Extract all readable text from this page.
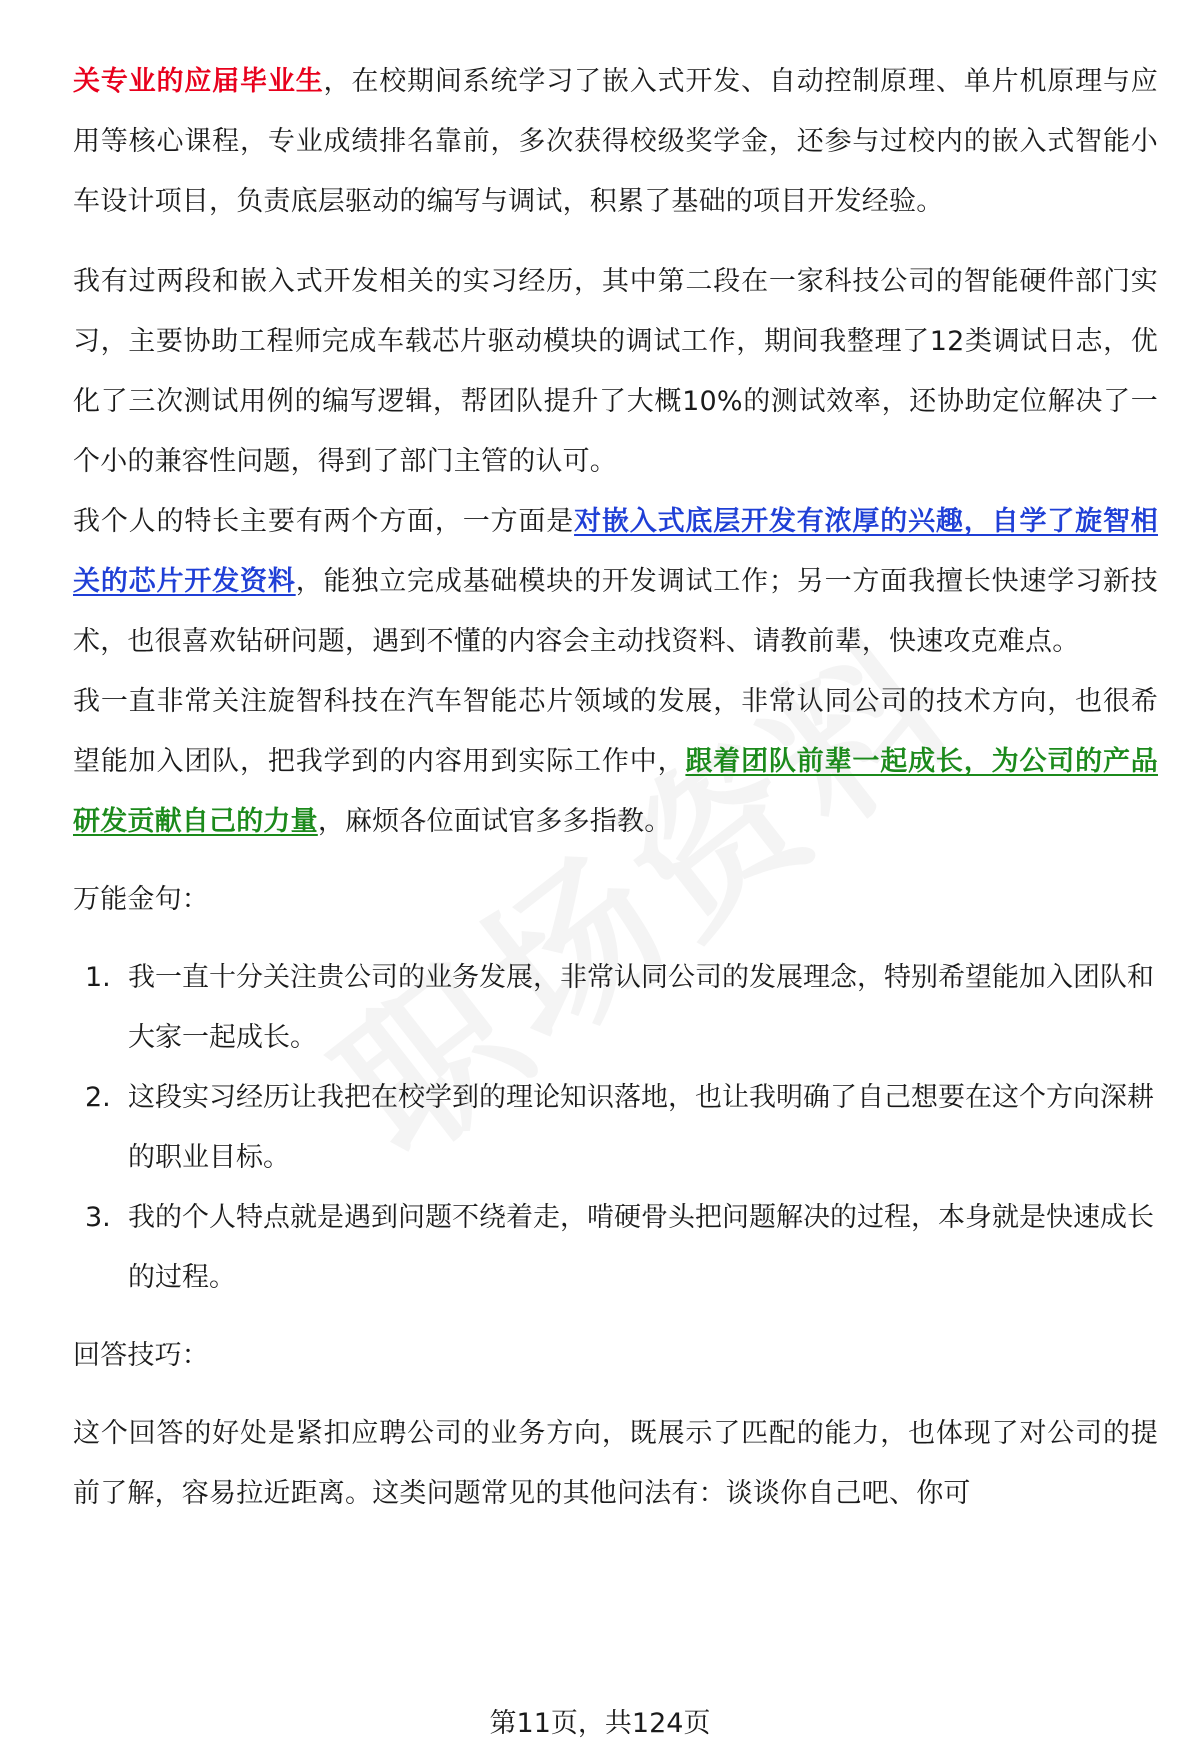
关专业的应届毕业生，在校期间系统学习了嵌入式开发、自动控制原理、单片机原理与应用等核心课程，专业成绩排名靠前，多次获得校级奖学金，还参与过校内的嵌入式智能小车设计项目，负责底层驱动的编写与调试，积累了基础的项目开发经验。

我有过两段和嵌入式开发相关的实习经历，其中第二段在一家科技公司的智能硬件部门实习，主要协助工程师完成车载芯片驱动模块的调试工作，期间我整理了12类调试日志，优化了三次测试用例的编写逻辑，帮团队提升了大概10%的测试效率，还协助定位解决了一个小的兼容性问题，得到了部门主管的认可。

我个人的特长主要有两个方面，一方面是对嵌入式底层开发有浓厚的兴趣，自学了旋智相关的芯片开发资料，能独立完成基础模块的开发调试工作；另一方面我擅长快速学习新技术，也很喜欢钻研问题，遇到不懂的内容会主动找资料、请教前辈，快速攻克难点。

我一直非常关注旋智科技在汽车智能芯片领域的发展，非常认同公司的技术方向，也很希望能加入团队，把我学到的内容用到实际工作中，跟着团队前辈一起成长，为公司的产品研发贡献自己的力量，麻烦各位面试官多多指教。

万能金句：

1. 我一直十分关注贵公司的业务发展，非常认同公司的发展理念，特别希望能加入团队和大家一起成长。
2. 这段实习经历让我把在校学到的理论知识落地，也让我明确了自己想要在这个方向深耕的职业目标。
3. 我的个人特点就是遇到问题不绕着走，啃硬骨头把问题解决的过程，本身就是快速成长的过程。

回答技巧：

这个回答的好处是紧扣应聘公司的业务方向，既展示了匹配的能力，也体现了对公司的提前了解，容易拉近距离。这类问题常见的其他问法有：谈谈你自己吧、你可

第11页，共124页
